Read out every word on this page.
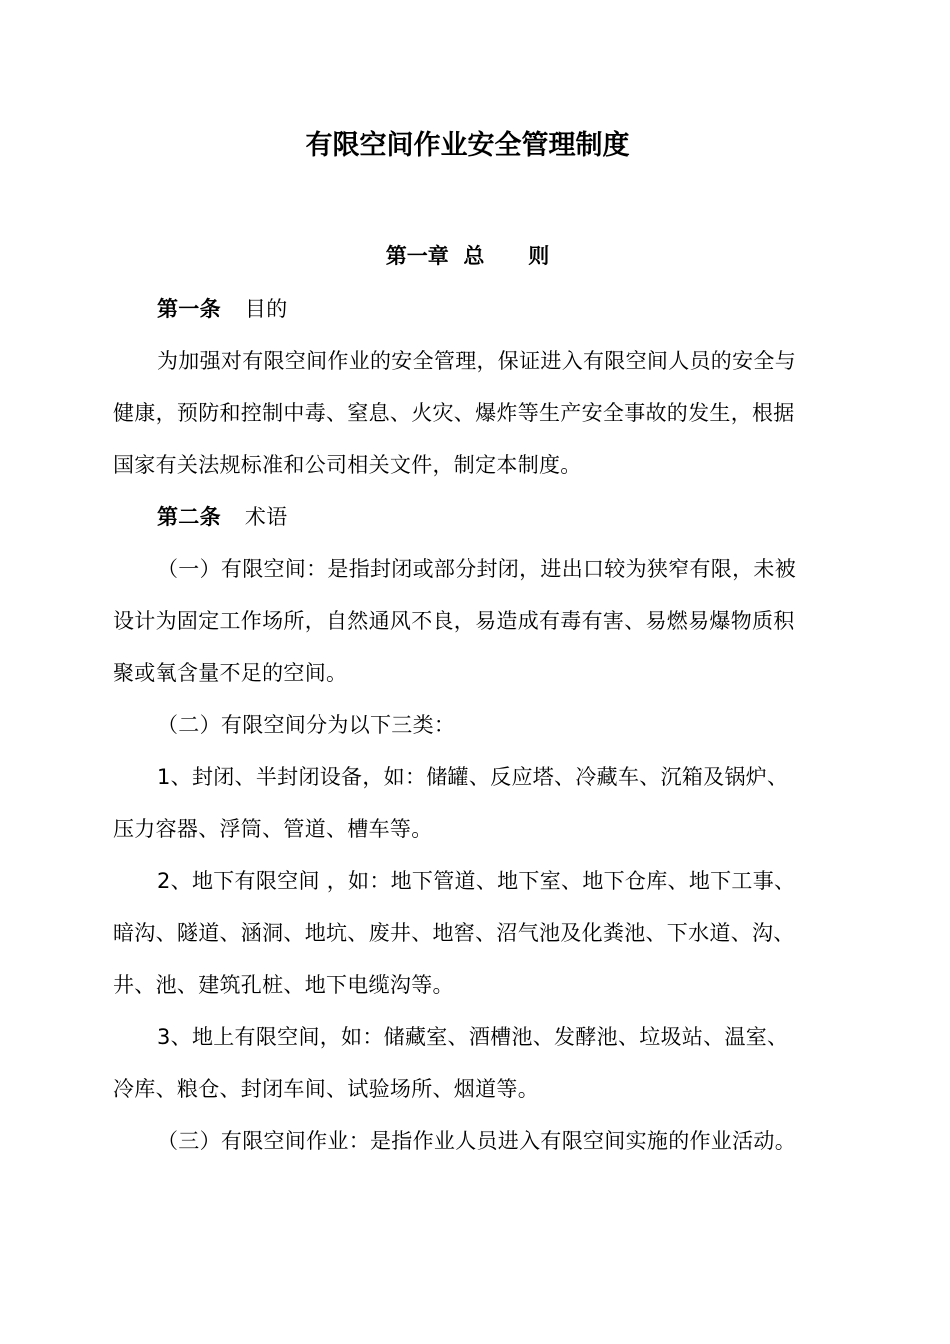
有限空间作业安全管理制度
第一章  总      则
第一条 目的
为加强对有限空间作业的安全管理，保证进入有限空间人员的安全与
健康，预防和控制中毒、窒息、火灾、爆炸等生产安全事故的发生，根据
国家有关法规标准和公司相关文件，制定本制度。
第二条 术语
（一）有限空间：是指封闭或部分封闭，进出口较为狭窄有限，未被
设计为固定工作场所，自然通风不良，易造成有毒有害、易燃易爆物质积
聚或氧含量不足的空间。
（二）有限空间分为以下三类：
1、封闭、半封闭设备，如：储罐、反应塔、冷藏车、沉箱及锅炉、
压力容器、浮筒、管道、槽车等。
2、地下有限空间 ，如：地下管道、地下室、地下仓库、地下工事、
暗沟、隧道、涵洞、地坑、废井、地窖、沼气池及化粪池、下水道、沟、
井、池、建筑孔桩、地下电缆沟等。
3、地上有限空间，如：储藏室、酒槽池、发酵池、垃圾站、温室、
冷库、粮仓、封闭车间、试验场所、烟道等。
（三）有限空间作业：是指作业人员进入有限空间实施的作业活动。
